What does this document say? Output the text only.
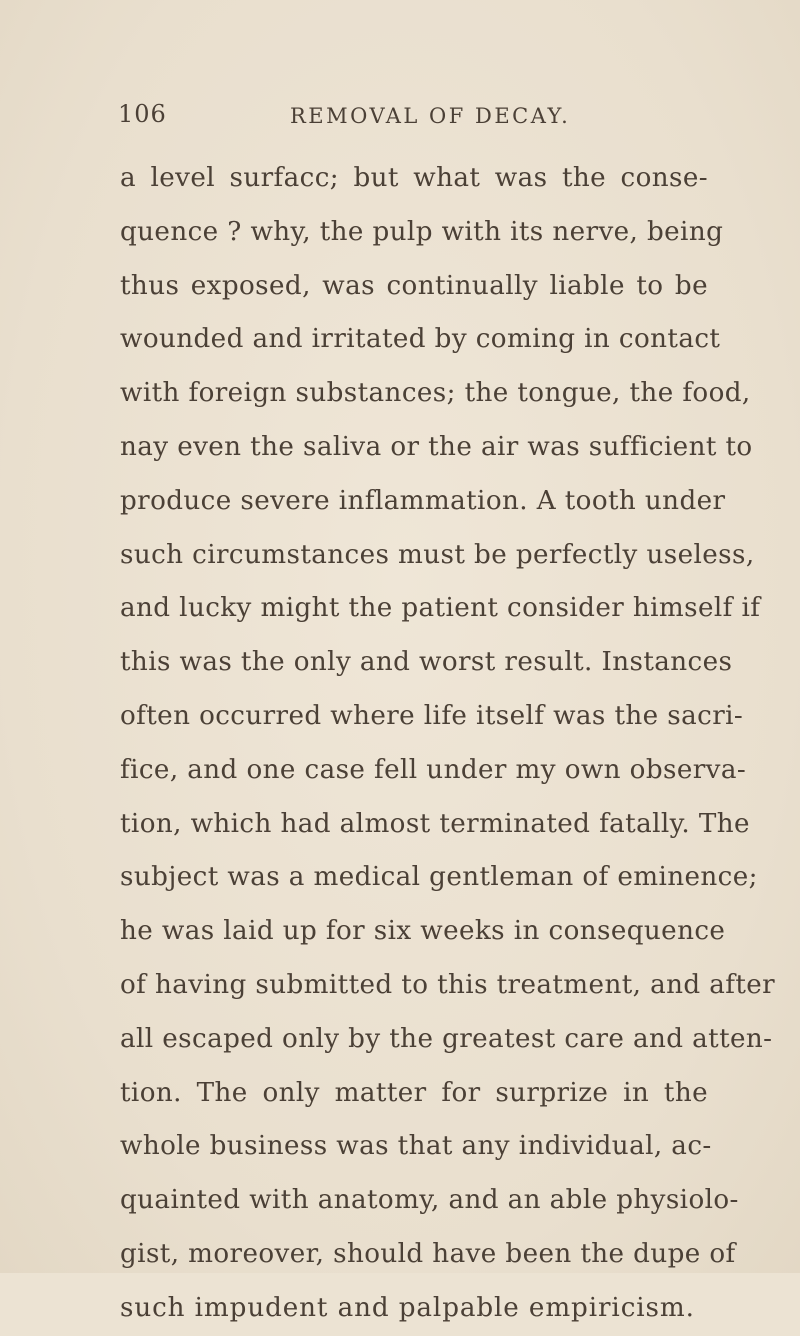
106	REMOVAL OF DECAY.
a level surfacc; but what was the conse-
quence ? why, the pulp with its nerve, being
thus exposed, was continually liable to be
wounded and irritated by coming in contact
with foreign substances; the tongue, the food,
nay even the saliva or the air was sufficient to
produce severe inflammation. A tooth under
such circumstances must be perfectly useless,
and lucky might the patient consider himself if
this was the only and worst result. Instances
often occurred where life itself was the sacri-
fice, and one case fell under my own observa-
tion, which had almost terminated fatally. The
subject was a medical gentleman of eminence;
he was laid up for six weeks in consequence
of having submitted to this treatment, and after
all escaped only by the greatest care and atten-
tion. The only matter for surprize in the
whole business was that any individual, ac-
quainted with anatomy, and an able physiolo-
gist, moreover, should have been the dupe of
such impudent and palpable empiricism.
